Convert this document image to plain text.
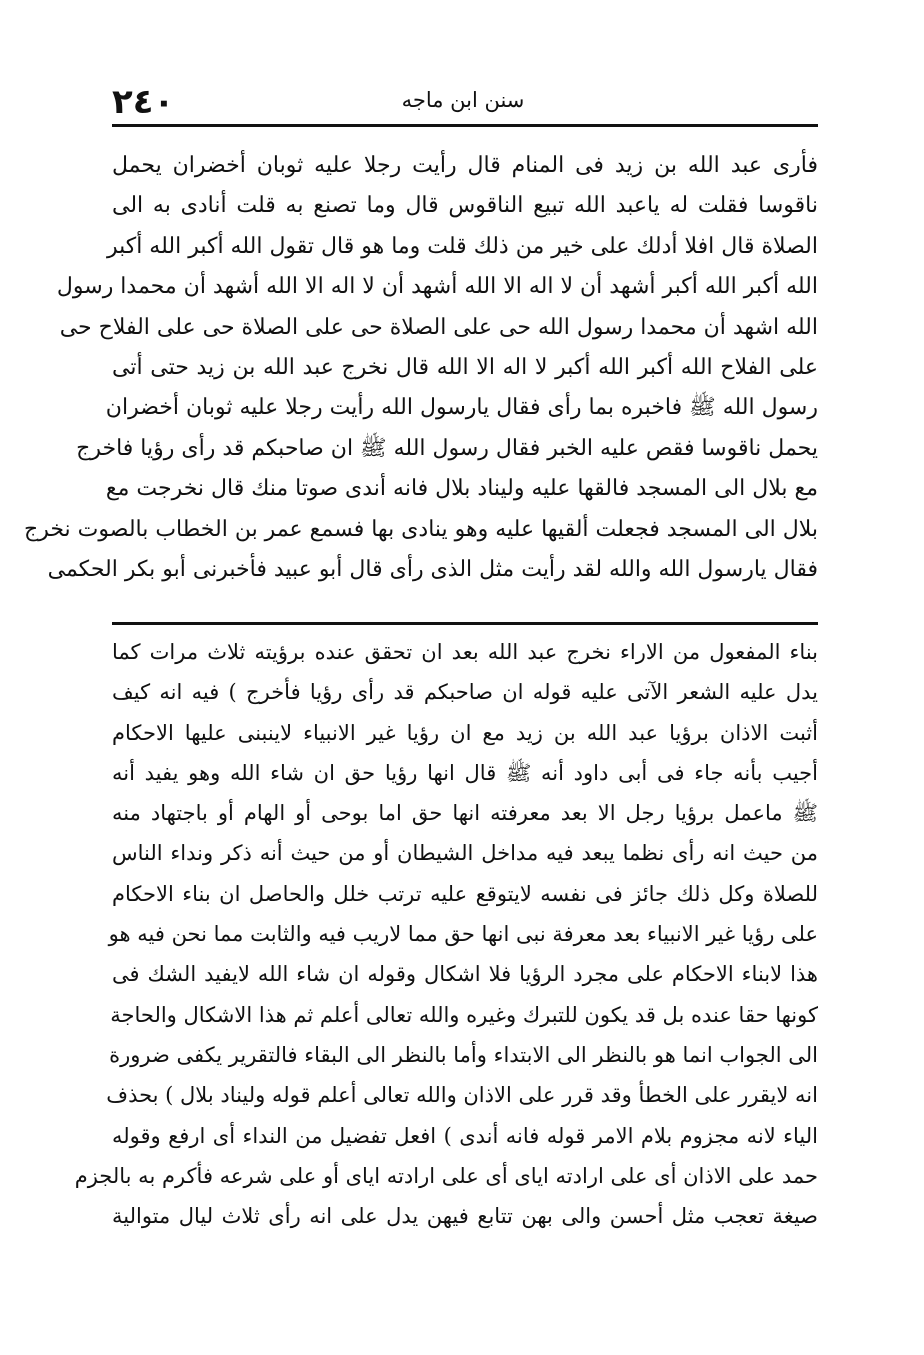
٢٤٠	سنن ابن ماجه
فأرى عبد الله بن زيد فى المنام قال رأيت رجلا عليه ثوبان أخضران يحمل
ناقوسا فقلت له ياعبد الله تبيع الناقوس قال وما تصنع به قلت أنادى به الى
الصلاة قال افلا أدلك على خير من ذلك قلت وما هو قال تقول الله أكبر الله أكبر
الله أكبر الله أكبر أشهد أن لا اله الا الله أشهد أن لا اله الا الله أشهد أن محمدا رسول
الله اشهد أن محمدا رسول الله حى على الصلاة حى على الصلاة حى على الفلاح حى
على الفلاح الله أكبر الله أكبر لا اله الا الله قال نخرج عبد الله بن زيد حتى أتى
رسول الله ﷺ فاخبره بما رأى فقال يارسول الله رأيت رجلا عليه ثوبان أخضران
يحمل ناقوسا فقص عليه الخبر فقال رسول الله ﷺ ان صاحبكم قد رأى رؤيا فاخرج
مع بلال الى المسجد فالقها عليه وليناد بلال فانه أندى صوتا منك قال نخرجت مع
بلال الى المسجد فجعلت ألقيها عليه وهو ينادى بها فسمع عمر بن الخطاب بالصوت نخرج
فقال يارسول الله والله لقد رأيت مثل الذى رأى قال أبو عبيد فأخبرنى أبو بكر الحكمى
بناء المفعول من الاراء نخرج عبد الله بعد ان تحقق عنده برؤيته ثلاث مرات كما
يدل عليه الشعر الآتى عليه قوله ان صاحبكم قد رأى رؤيا فأخرج ) فيه انه كيف
أثبت الاذان برؤيا عبد الله بن زيد مع ان رؤيا غير الانبياء لاينبنى عليها الاحكام
أجيب بأنه جاء فى أبى داود أنه ﷺ قال انها رؤيا حق ان شاء الله وهو يفيد أنه
ﷺ ماعمل برؤيا رجل الا بعد معرفته انها حق اما بوحى أو الهام أو باجتهاد منه
من حيث انه رأى نظما يبعد فيه مداخل الشيطان أو من حيث أنه ذكر ونداء الناس
للصلاة وكل ذلك جائز فى نفسه لايتوقع عليه ترتب خلل والحاصل ان بناء الاحكام
على رؤيا غير الانبياء بعد معرفة نبى انها حق مما لاريب فيه والثابت مما نحن فيه هو
هذا لابناء الاحكام على مجرد الرؤيا فلا اشكال وقوله ان شاء الله لايفيد الشك فى
كونها حقا عنده بل قد يكون للتبرك وغيره والله تعالى أعلم ثم هذا الاشكال والحاجة
الى الجواب انما هو بالنظر الى الابتداء وأما بالنظر الى البقاء فالتقرير يكفى ضرورة
انه لايقرر على الخطأ وقد قرر على الاذان والله تعالى أعلم قوله وليناد بلال ) بحذف
الياء لانه مجزوم بلام الامر قوله فانه أندى ) افعل تفضيل من النداء أى ارفع وقوله
حمد على الاذان أى على ارادته اياى أى على ارادته اياى أو على شرعه فأكرم به بالجزم
صيغة تعجب مثل أحسن والى بهن تتابع فيهن يدل على انه رأى ثلاث ليال متوالية
